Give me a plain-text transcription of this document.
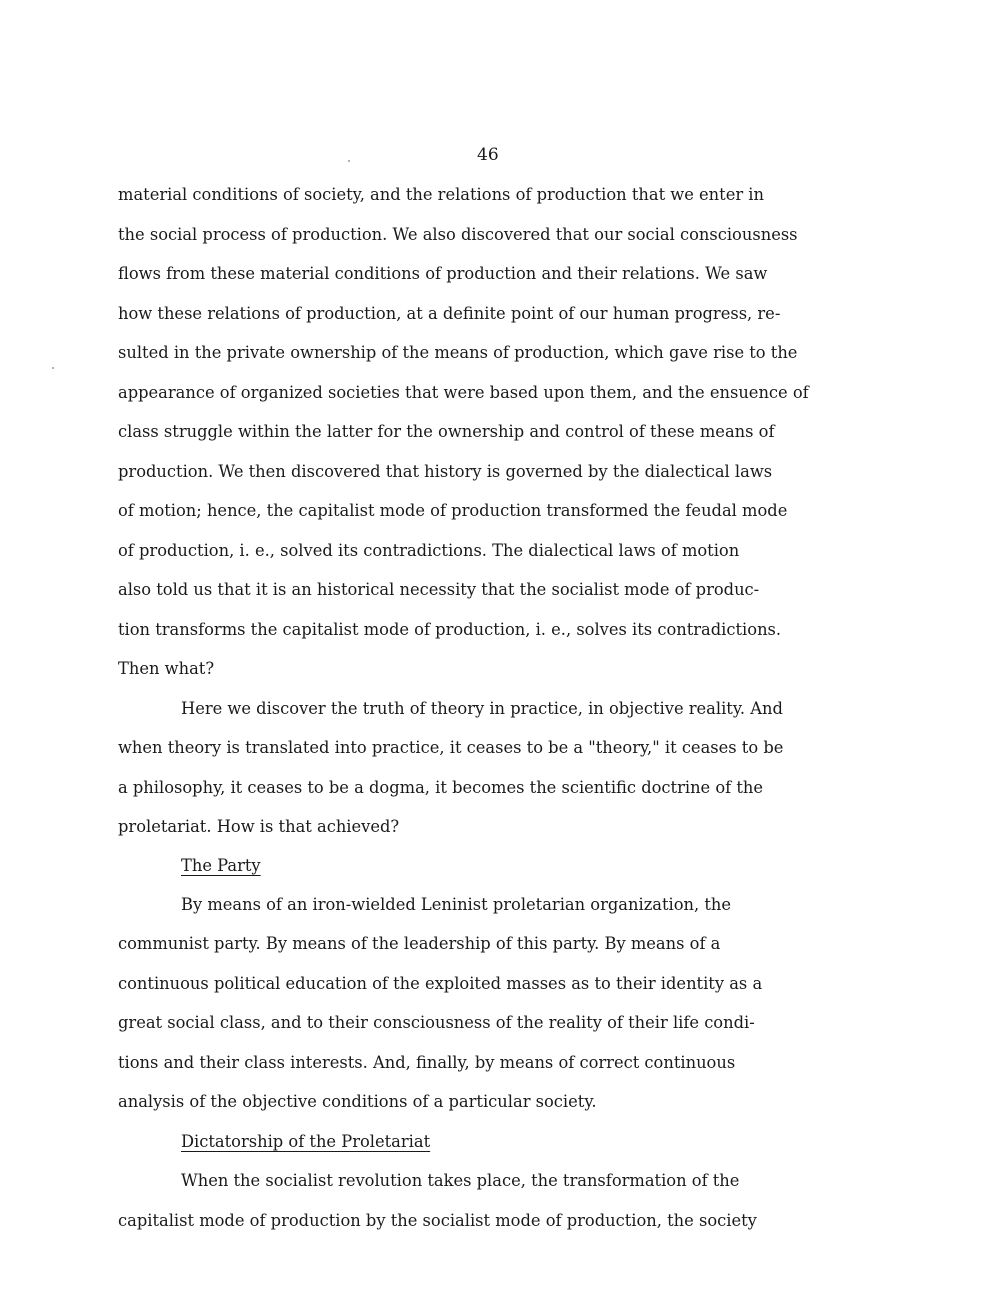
46
material conditions of society, and the relations of production that we enter in
the social process of production. We also discovered that our social consciousness
flows from these material conditions of production and their relations. We saw
how these relations of production, at a definite point of our human progress, re-
sulted in the private ownership of the means of production, which gave rise to the
appearance of organized societies that were based upon them, and the ensuence of
class struggle within the latter for the ownership and control of these means of
production. We then discovered that history is governed by the dialectical laws
of motion; hence, the capitalist mode of production transformed the feudal mode
of production, i. e., solved its contradictions. The dialectical laws of motion
also told us that it is an historical necessity that the socialist mode of produc-
tion transforms the capitalist mode of production, i. e., solves its contradictions.
Then what?
Here we discover the truth of theory in practice, in objective reality. And
when theory is translated into practice, it ceases to be a "theory," it ceases to be
a philosophy, it ceases to be a dogma, it becomes the scientific doctrine of the
proletariat. How is that achieved?
The Party
By means of an iron-wielded Leninist proletarian organization, the
communist party. By means of the leadership of this party. By means of a
continuous political education of the exploited masses as to their identity as a
great social class, and to their consciousness of the reality of their life condi-
tions and their class interests. And, finally, by means of correct continuous
analysis of the objective conditions of a particular society.
Dictatorship of the Proletariat
When the socialist revolution takes place, the transformation of the
capitalist mode of production by the socialist mode of production, the society
